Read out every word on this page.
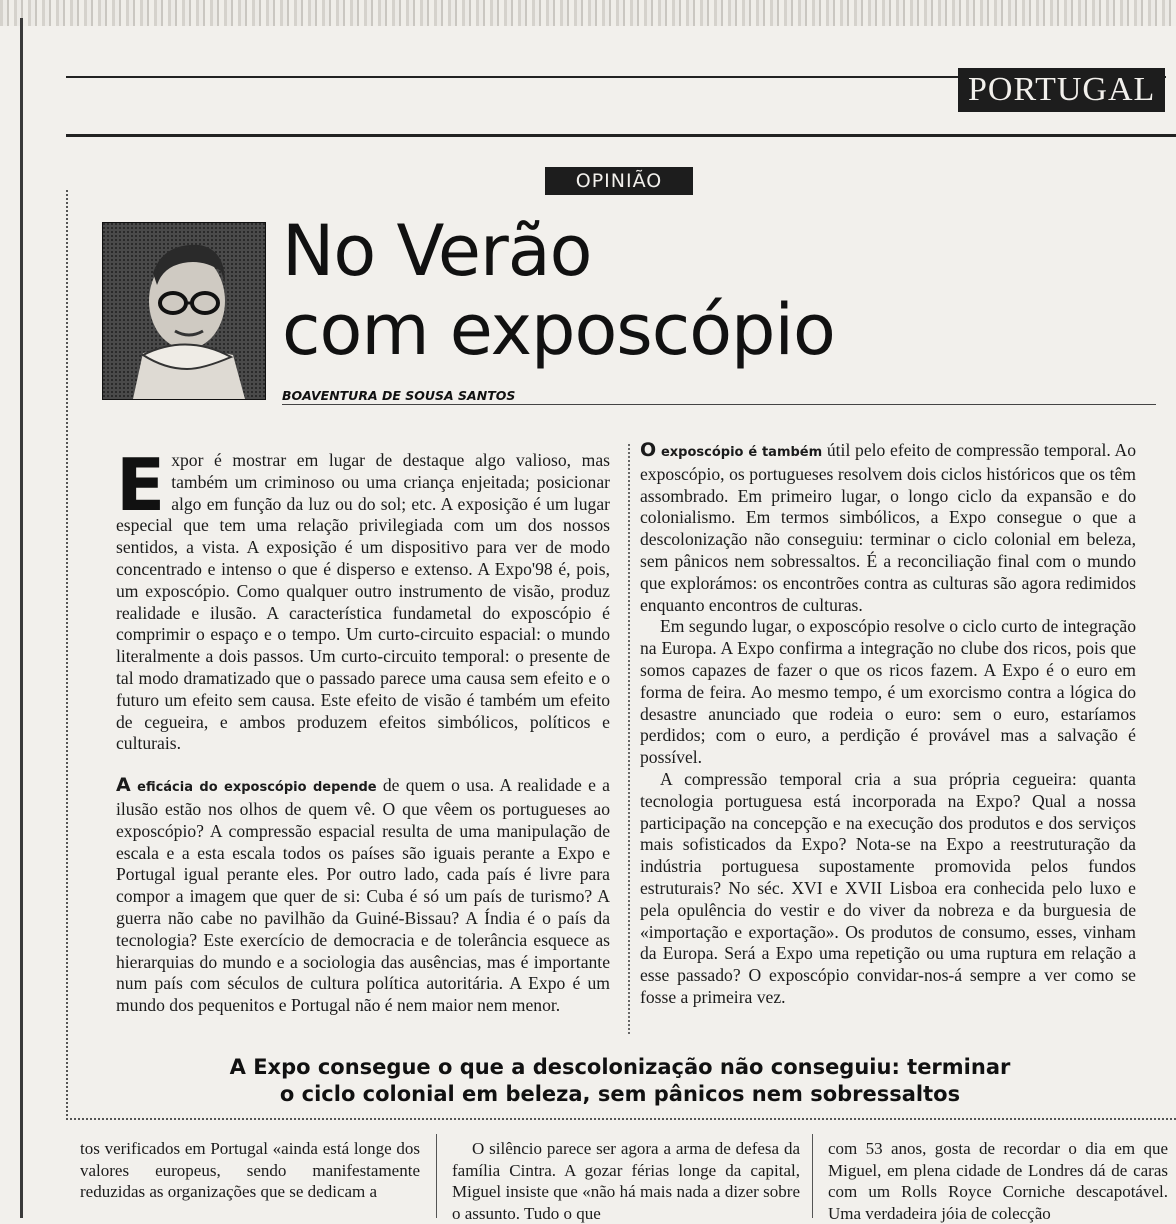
PORTUGAL
OPINIÃO
No Verão
com exposcópio
BOAVENTURA DE SOUSA SANTOS

Expor é mostrar em lugar de destaque algo valioso, mas também um criminoso ou uma criança enjeitada; posicionar algo em função da luz ou do sol; etc. A exposição é um lugar especial que tem uma relação privilegiada com um dos nossos sentidos, a vista. A exposição é um dispositivo para ver de modo concentrado e intenso o que é disperso e extenso. A Expo'98 é, pois, um exposcópio. Como qualquer outro instrumento de visão, produz realidade e ilusão. A característica fundametal do exposcópio é comprimir o espaço e o tempo. Um curto-circuito espacial: o mundo literalmente a dois passos. Um curto-circuito temporal: o presente de tal modo dramatizado que o passado parece uma causa sem efeito e o futuro um efeito sem causa. Este efeito de visão é também um efeito de cegueira, e ambos produzem efeitos simbólicos, políticos e culturais.

A eficácia do exposcópio depende de quem o usa. A realidade e a ilusão estão nos olhos de quem vê. O que vêem os portugueses ao exposcópio? A compressão espacial resulta de uma manipulação de escala e a esta escala todos os países são iguais perante a Expo e Portugal igual perante eles. Por outro lado, cada país é livre para compor a imagem que quer de si: Cuba é só um país de turismo? A guerra não cabe no pavilhão da Guiné-Bissau? A Índia é o país da tecnologia? Este exercício de democracia e de tolerância esquece as hierarquias do mundo e a sociologia das ausências, mas é importante num país com séculos de cultura política autoritária. A Expo é um mundo dos pequenitos e Portugal não é nem maior nem menor.

O exposcópio é também útil pelo efeito de compressão temporal. Ao exposcópio, os portugueses resolvem dois ciclos históricos que os têm assombrado. Em primeiro lugar, o longo ciclo da expansão e do colonialismo. Em termos simbólicos, a Expo consegue o que a descolonização não conseguiu: terminar o ciclo colonial em beleza, sem pânicos nem sobressaltos. É a reconciliação final com o mundo que explorámos: os encontrões contra as culturas são agora redimidos enquanto encontros de culturas.

Em segundo lugar, o exposcópio resolve o ciclo curto de integração na Europa. A Expo confirma a integração no clube dos ricos, pois que somos capazes de fazer o que os ricos fazem. A Expo é o euro em forma de feira. Ao mesmo tempo, é um exorcismo contra a lógica do desastre anunciado que rodeia o euro: sem o euro, estaríamos perdidos; com o euro, a perdição é provável mas a salvação é possível.

A compressão temporal cria a sua própria cegueira: quanta tecnologia portuguesa está incorporada na Expo? Qual a nossa participação na concepção e na execução dos produtos e dos serviços mais sofisticados da Expo? Nota-se na Expo a reestruturação da indústria portuguesa supostamente promovida pelos fundos estruturais? No séc. XVI e XVII Lisboa era conhecida pelo luxo e pela opulência do vestir e do viver da nobreza e da burguesia de «importação e exportação». Os produtos de consumo, esses, vinham da Europa. Será a Expo uma repetição ou uma ruptura em relação a esse passado? O exposcópio convidar-nos-á sempre a ver como se fosse a primeira vez.

A Expo consegue o que a descolonização não conseguiu: terminar
o ciclo colonial em beleza, sem pânicos nem sobressaltos
tos verificados em Portugal «ainda está longe dos valores europeus, sendo manifestamente reduzidas as organizações que se dedicam a
O silêncio parece ser agora a arma de defesa da família Cintra. A gozar férias longe da capital, Miguel insiste que «não há mais nada a dizer sobre o assunto. Tudo o que
com 53 anos, gosta de recordar o dia em que Miguel, em plena cidade de Londres dá de caras com um Rolls Royce Corniche descapotável. Uma verdadeira jóia de colecção
